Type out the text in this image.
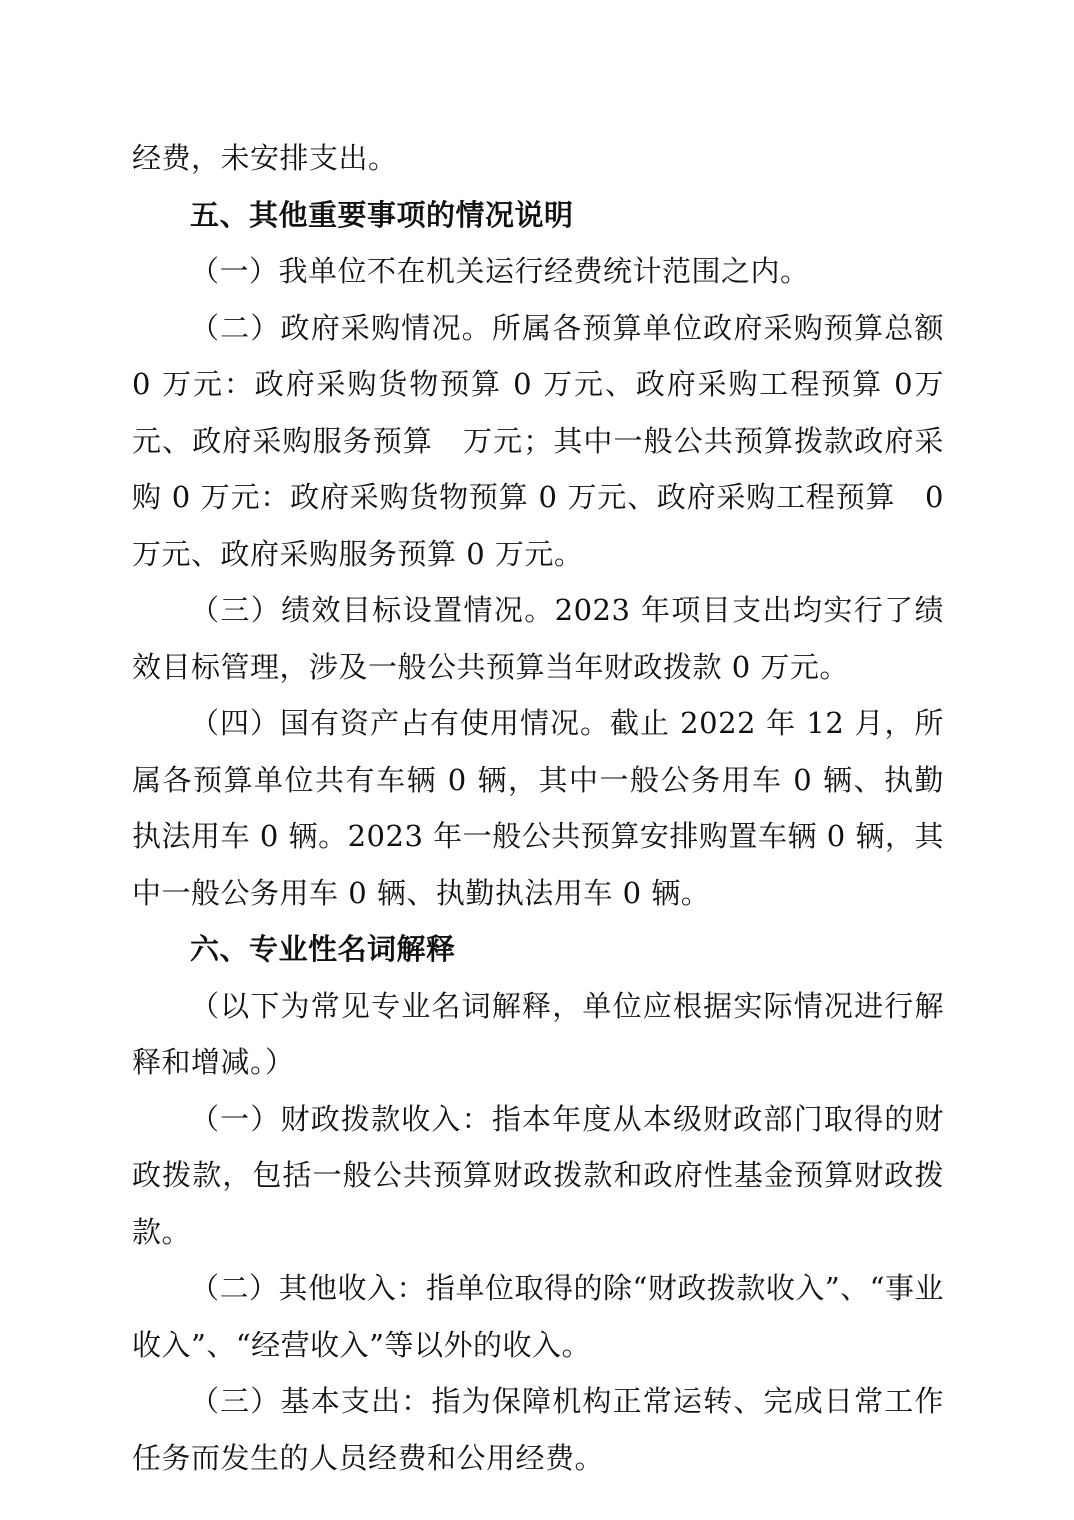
经费，未安排支出。

五、其他重要事项的情况说明

（一）我单位不在机关运行经费统计范围之内。

（二）政府采购情况。所属各预算单位政府采购预算总额 0 万元：政府采购货物预算 0 万元、政府采购工程预算 0万元、政府采购服务预算　万元；其中一般公共预算拨款政府采购 0 万元：政府采购货物预算 0 万元、政府采购工程预算　0万元、政府采购服务预算 0 万元。

（三）绩效目标设置情况。2023 年项目支出均实行了绩效目标管理，涉及一般公共预算当年财政拨款 0 万元。

（四）国有资产占有使用情况。截止 2022 年 12 月，所属各预算单位共有车辆 0 辆，其中一般公务用车 0 辆、执勤执法用车 0 辆。2023 年一般公共预算安排购置车辆 0 辆，其中一般公务用车 0 辆、执勤执法用车 0 辆。

六、专业性名词解释

（以下为常见专业名词解释，单位应根据实际情况进行解释和增减。）

（一）财政拨款收入：指本年度从本级财政部门取得的财政拨款，包括一般公共预算财政拨款和政府性基金预算财政拨款。

（二）其他收入：指单位取得的除“财政拨款收入”、“事业收入”、“经营收入”等以外的收入。

（三）基本支出：指为保障机构正常运转、完成日常工作任务而发生的人员经费和公用经费。
